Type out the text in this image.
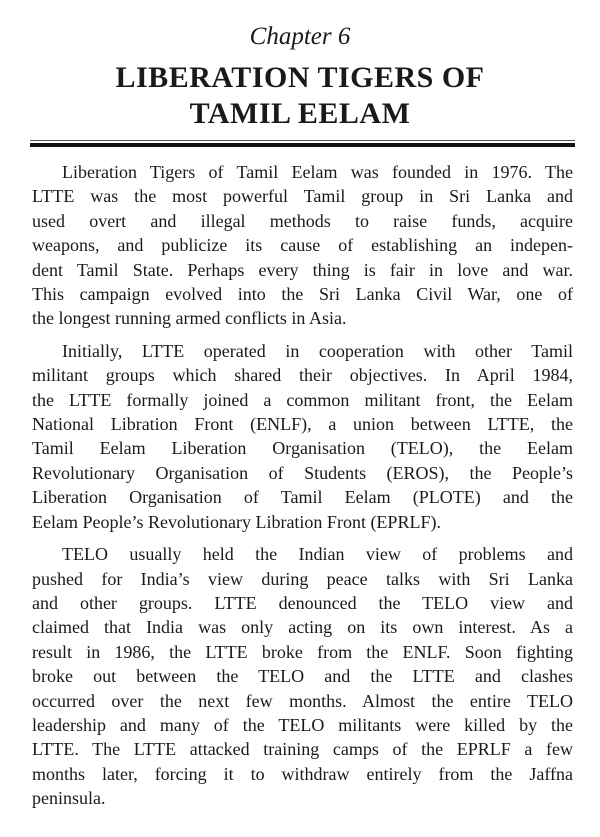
Chapter 6
LIBERATION TIGERS OF
TAMIL EELAM
Liberation Tigers of Tamil Eelam was founded in 1976. The
LTTE was the most powerful Tamil group in Sri Lanka and
used overt and illegal methods to raise funds, acquire
weapons, and publicize its cause of establishing an indepen-
dent Tamil State. Perhaps every thing is fair in love and war.
This campaign evolved into the Sri Lanka Civil War, one of
the longest running armed conflicts in Asia.
Initially, LTTE operated in cooperation with other Tamil
militant groups which shared their objectives. In April 1984,
the LTTE formally joined a common militant front, the Eelam
National Libration Front (ENLF), a union between LTTE, the
Tamil Eelam Liberation Organisation (TELO), the Eelam
Revolutionary Organisation of Students (EROS), the People’s
Liberation Organisation of Tamil Eelam (PLOTE) and the
Eelam People’s Revolutionary Libration Front (EPRLF).
TELO usually held the Indian view of problems and
pushed for India’s view during peace talks with Sri Lanka
and other groups. LTTE denounced the TELO view and
claimed that India was only acting on its own interest. As a
result in 1986, the LTTE broke from the ENLF. Soon fighting
broke out between the TELO and the LTTE and clashes
occurred over the next few months. Almost the entire TELO
leadership and many of the TELO militants were killed by the
LTTE. The LTTE attacked training camps of the EPRLF a few
months later, forcing it to withdraw entirely from the Jaffna
peninsula.
